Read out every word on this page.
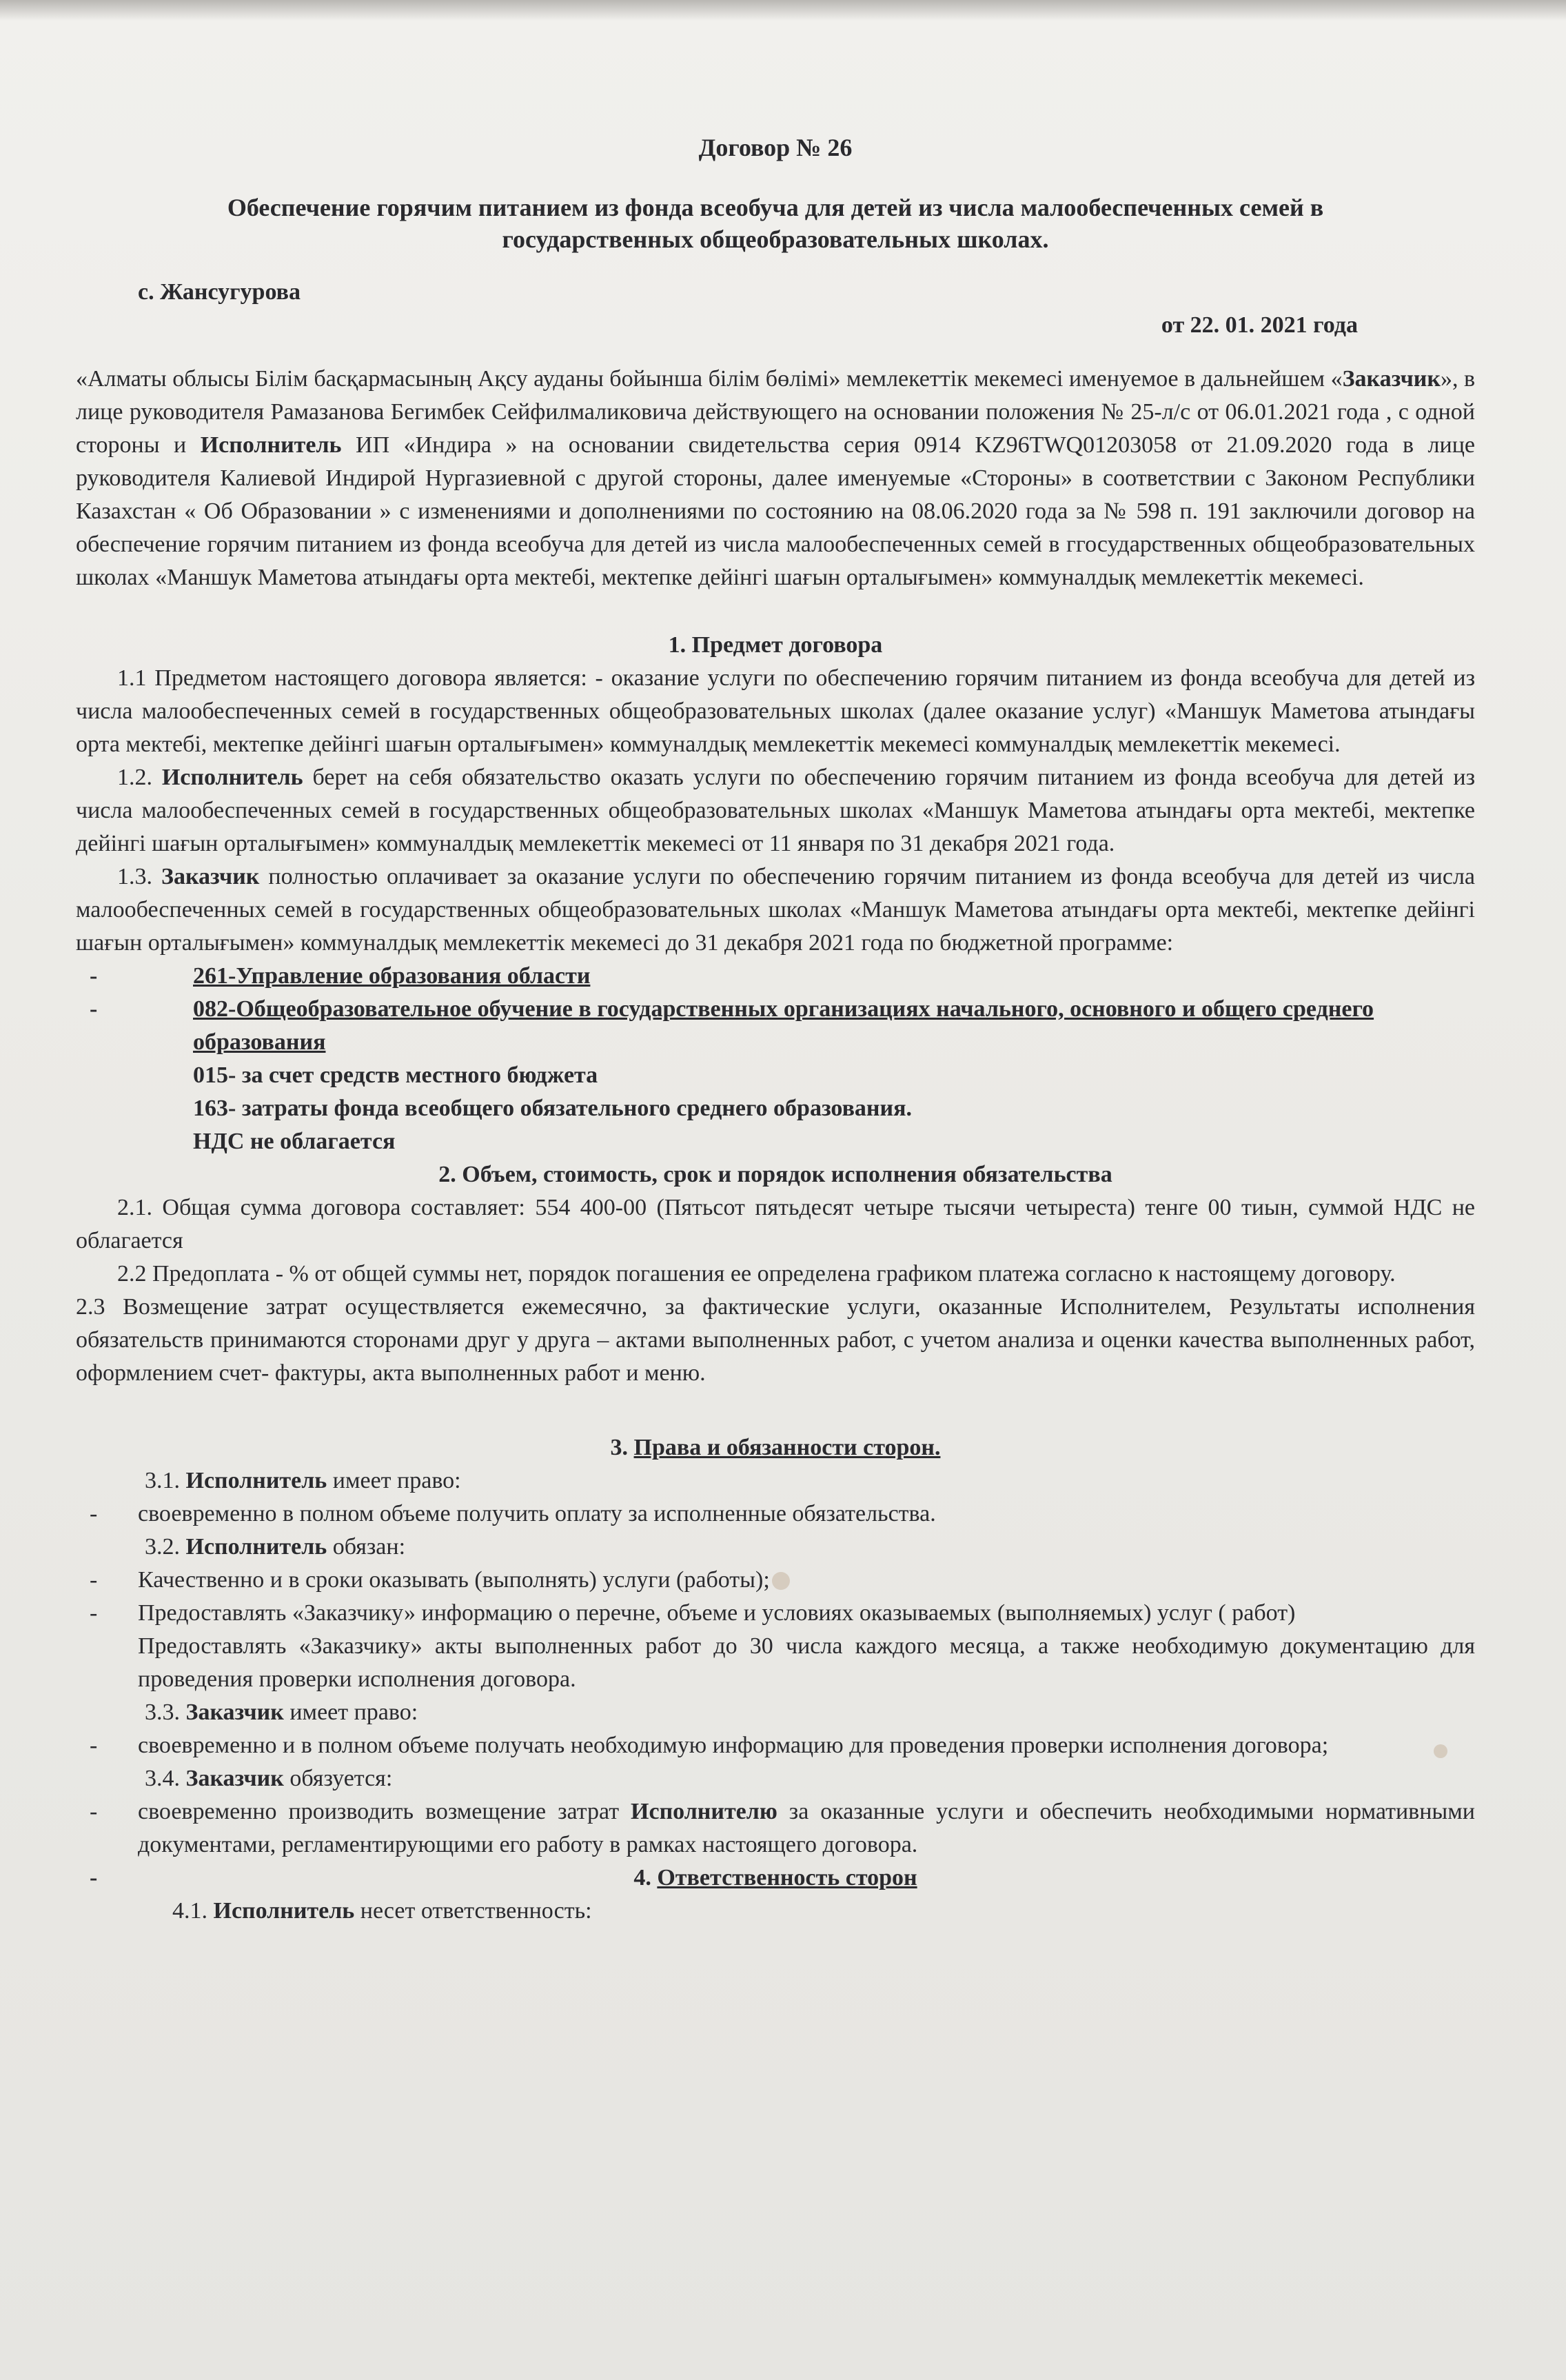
Договор № 26
Обеспечение горячим питанием из фонда всеобуча для детей из числа малообеспеченных семей в государственных общеобразовательных школах.
с. Жансугурова
от 22. 01. 2021 года

«Алматы облысы Білім басқармасының Ақсу ауданы бойынша білім бөлімі» мемлекеттік мекемесі именуемое в дальнейшем «Заказчик», в лице руководителя Рамазанова Бегимбек Сейфилмаликовича действующего на основании положения № 25-л/с от 06.01.2021 года , с одной стороны и Исполнитель ИП «Индира » на основании свидетельства серия 0914 KZ96TWQ01203058 от 21.09.2020 года в лице руководителя Калиевой Индирой Нургазиевной с другой стороны, далее именуемые «Стороны» в соответствии с Законом Республики Казахстан « Об Образовании » с изменениями и дополнениями по состоянию на 08.06.2020 года за № 598 п. 191 заключили договор на обеспечение горячим питанием из фонда всеобуча для детей из числа малообеспеченных семей в ггосударственных общеобразовательных школах «Маншук Маметова атындағы орта мектебі, мектепке дейінгі шағын орталығымен» коммуналдық мемлекеттік мекемесі.

1. Предмет договора

1.1 Предметом настоящего договора является: - оказание услуги по обеспечению горячим питанием из фонда всеобуча для детей из числа малообеспеченных семей в государственных общеобразовательных школах (далее оказание услуг) «Маншук Маметова атындағы орта мектебі, мектепке дейінгі шағын орталығымен» коммуналдық мемлекеттік мекемесі коммуналдық мемлекеттік мекемесі.

1.2. Исполнитель берет на себя обязательство оказать услуги по обеспечению горячим питанием из фонда всеобуча для детей из числа малообеспеченных семей в государственных общеобразовательных школах «Маншук Маметова атындағы орта мектебі, мектепке дейінгі шағын орталығымен» коммуналдық мемлекеттік мекемесі от 11 января по 31 декабря 2021 года.

1.3. Заказчик полностью оплачивает за оказание услуги по обеспечению горячим питанием из фонда всеобуча для детей из числа малообеспеченных семей в государственных общеобразовательных школах «Маншук Маметова атындағы орта мектебі, мектепке дейінгі шағын орталығымен» коммуналдық мемлекеттік мекемесі до 31 декабря 2021 года по бюджетной программе:

- 261-Управление образования области
- 082-Общеобразовательное обучение в государственных организациях начального, основного и общего среднего образования
015- за счет средств местного бюджета
163- затраты фонда всеобщего обязательного среднего образования.
НДС не облагается
2. Объем, стоимость, срок и порядок исполнения обязательства

2.1. Общая сумма договора составляет: 554 400-00 (Пятьсот пятьдесят четыре тысячи четыреста) тенге 00 тиын, суммой НДС не облагается

2.2 Предоплата - % от общей суммы нет, порядок погашения ее определена графиком платежа согласно к настоящему договору.

2.3 Возмещение затрат осуществляется ежемесячно, за фактические услуги, оказанные Исполнителем, Результаты исполнения обязательств принимаются сторонами друг у друга – актами выполненных работ, с учетом анализа и оценки качества выполненных работ, оформлением счет- фактуры, акта выполненных работ и меню.

3. Права и обязанности сторон.

3.1. Исполнитель имеет право:

- своевременно в полном объеме получить оплату за исполненные обязательства.

3.2. Исполнитель обязан:

- Качественно и в сроки оказывать (выполнять) услуги (работы);

- Предоставлять «Заказчику» информацию о перечне, объеме и условиях оказываемых (выполняемых) услуг ( работ)

Предоставлять «Заказчику» акты выполненных работ до 30 числа каждого месяца, а также необходимую документацию для проведения проверки исполнения договора.

3.3. Заказчик имеет право:

- своевременно и в полном объеме получать необходимую информацию для проведения проверки исполнения договора;

3.4. Заказчик обязуется:

- своевременно производить возмещение затрат Исполнителю за оказанные услуги и обеспечить необходимыми нормативными документами, регламентирующими его работу в рамках настоящего договора.

- 4. Ответственность сторон

4.1. Исполнитель несет ответственность:
